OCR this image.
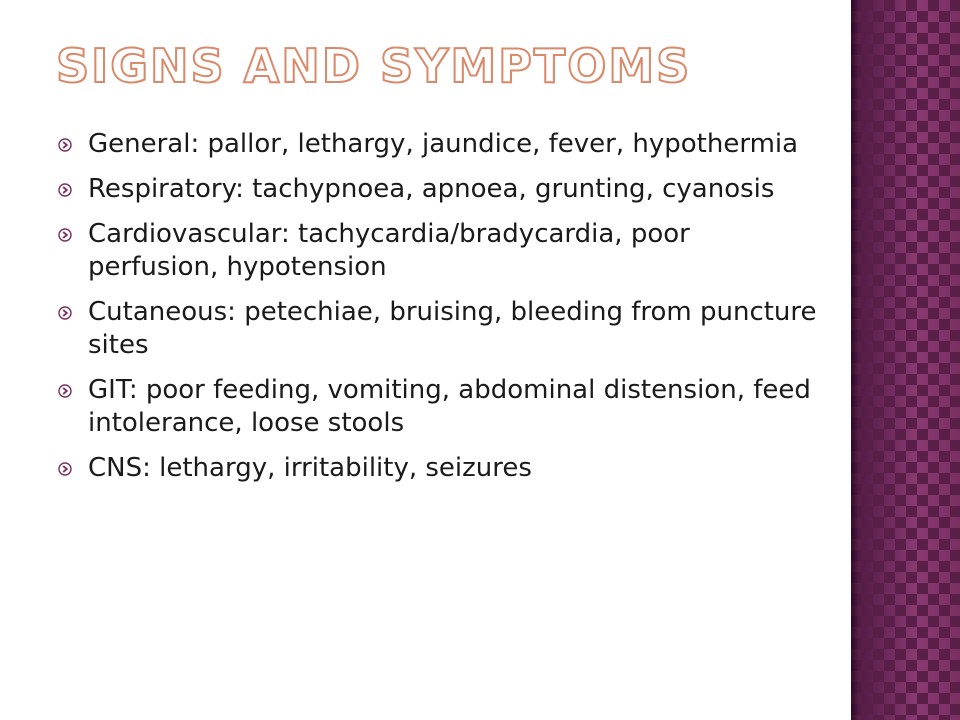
SIGNS AND SYMPTOMS
General: pallor, lethargy, jaundice, fever, hypothermia
Respiratory: tachypnoea, apnoea, grunting, cyanosis
Cardiovascular: tachycardia/bradycardia, poor perfusion, hypotension
Cutaneous: petechiae, bruising, bleeding from puncture sites
GIT: poor feeding, vomiting, abdominal distension, feed intolerance, loose stools
CNS: lethargy, irritability, seizures
